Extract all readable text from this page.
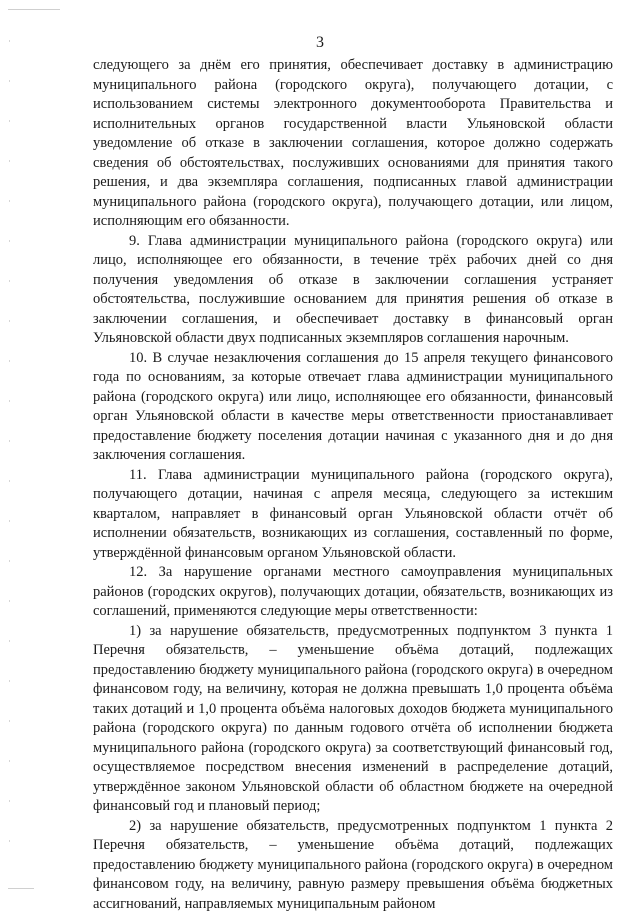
3

следующего за днём его принятия, обеспечивает доставку в администрацию муниципального района (городского округа), получающего дотации, с использованием системы электронного документооборота Правительства и исполнительных органов государственной власти Ульяновской области уведомление об отказе в заключении соглашения, которое должно содержать сведения об обстоятельствах, послуживших основаниями для принятия такого решения, и два экземпляра соглашения, подписанных главой администрации муниципального района (городского округа), получающего дотации, или лицом, исполняющим его обязанности.

9. Глава администрации муниципального района (городского округа) или лицо, исполняющее его обязанности, в течение трёх рабочих дней со дня получения уведомления об отказе в заключении соглашения устраняет обстоятельства, послужившие основанием для принятия решения об отказе в заключении соглашения, и обеспечивает доставку в финансовый орган Ульяновской области двух подписанных экземпляров соглашения нарочным.

10. В случае незаключения соглашения до 15 апреля текущего финансового года по основаниям, за которые отвечает глава администрации муниципального района (городского округа) или лицо, исполняющее его обязанности, финансовый орган Ульяновской области в качестве меры ответственности приостанавливает предоставление бюджету поселения дотации начиная с указанного дня и до дня заключения соглашения.

11. Глава администрации муниципального района (городского округа), получающего дотации, начиная с апреля месяца, следующего за истекшим кварталом, направляет в финансовый орган Ульяновской области отчёт об исполнении обязательств, возникающих из соглашения, составленный по форме, утверждённой финансовым органом Ульяновской области.

12. За нарушение органами местного самоуправления муниципальных районов (городских округов), получающих дотации, обязательств, возникающих из соглашений, применяются следующие меры ответственности:

1) за нарушение обязательств, предусмотренных подпунктом 3 пункта 1 Перечня обязательств, – уменьшение объёма дотаций, подлежащих предоставлению бюджету муниципального района (городского округа) в очередном финансовом году, на величину, которая не должна превышать 1,0 процента объёма таких дотаций и 1,0 процента объёма налоговых доходов бюджета муниципального района (городского округа) по данным годового отчёта об исполнении бюджета муниципального района (городского округа) за соответствующий финансовый год, осуществляемое посредством внесения изменений в распределение дотаций, утверждённое законом Ульяновской области об областном бюджете на очередной финансовый год и плановый период;

2) за нарушение обязательств, предусмотренных подпунктом 1 пункта 2 Перечня обязательств, – уменьшение объёма дотаций, подлежащих предоставлению бюджету муниципального района (городского округа) в очередном финансовом году, на величину, равную размеру превышения объёма бюджетных ассигнований, направляемых муниципальным районом
